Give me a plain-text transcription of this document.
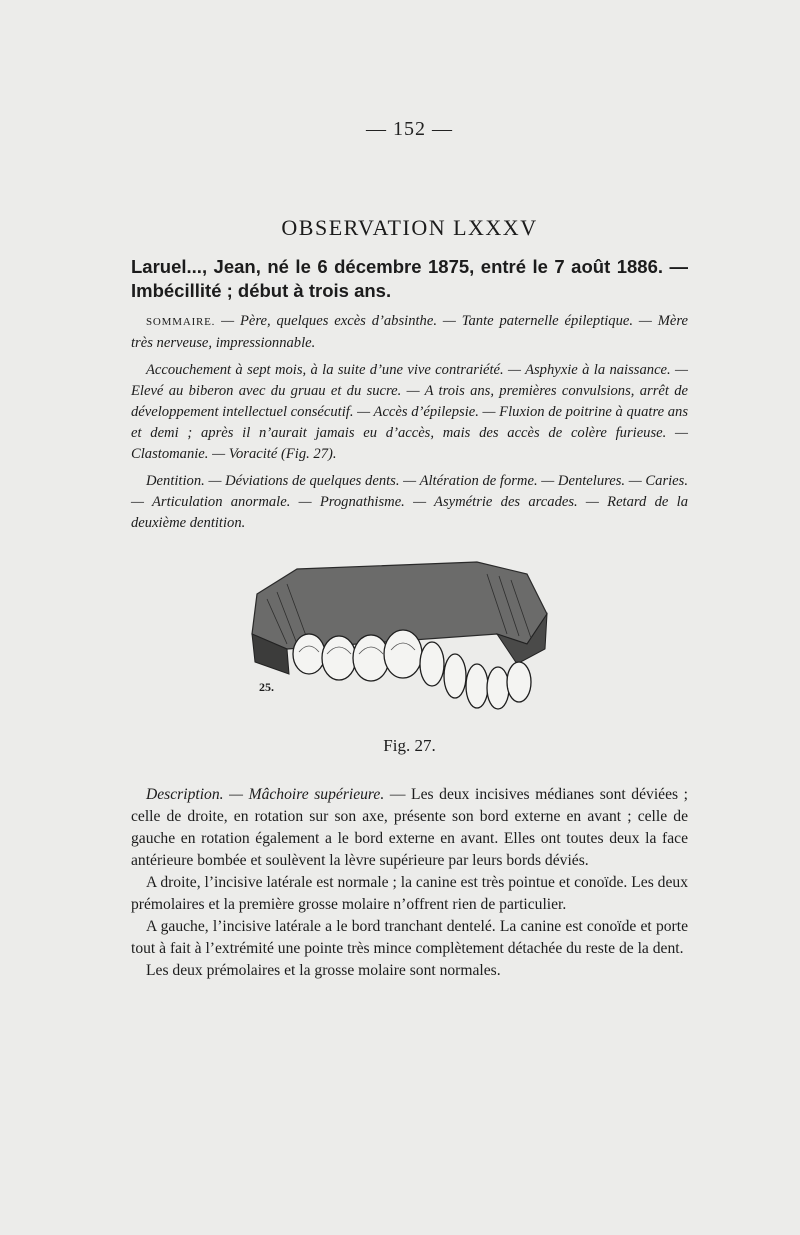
— 152 —
OBSERVATION LXXXV

Laruel..., Jean, né le 6 décembre 1875, entré le 7 août 1886. — Imbécillité ; début à trois ans.

SOMMAIRE. — Père, quelques excès d’absinthe. — Tante paternelle épileptique. — Mère très nerveuse, impressionnable.

Accouchement à sept mois, à la suite d’une vive contrariété. — Asphyxie à la naissance. — Elevé au biberon avec du gruau et du sucre. — A trois ans, premières convulsions, arrêt de développement intellectuel consécutif. — Accès d’épilepsie. — Fluxion de poitrine à quatre ans et demi ; après il n’aurait jamais eu d’accès, mais des accès de colère furieuse. — Clastomanie. — Voracité (Fig. 27).

Dentition. — Déviations de quelques dents. — Altération de forme. — Dentelures. — Caries. — Articulation anormale. — Prognathisme. — Asymétrie des arcades. — Retard de la deuxième dentition.

25.
Fig. 27.

Description. — Mâchoire supérieure. — Les deux incisives médianes sont déviées ; celle de droite, en rotation sur son axe, présente son bord externe en avant ; celle de gauche en rotation également a le bord externe en avant. Elles ont toutes deux la face antérieure bombée et soulèvent la lèvre supérieure par leurs bords déviés.

A droite, l’incisive latérale est normale ; la canine est très pointue et conoïde. Les deux prémolaires et la première grosse molaire n’offrent rien de particulier.

A gauche, l’incisive latérale a le bord tranchant dentelé. La canine est conoïde et porte tout à fait à l’extrémité une pointe très mince complètement détachée du reste de la dent.

Les deux prémolaires et la grosse molaire sont normales.
